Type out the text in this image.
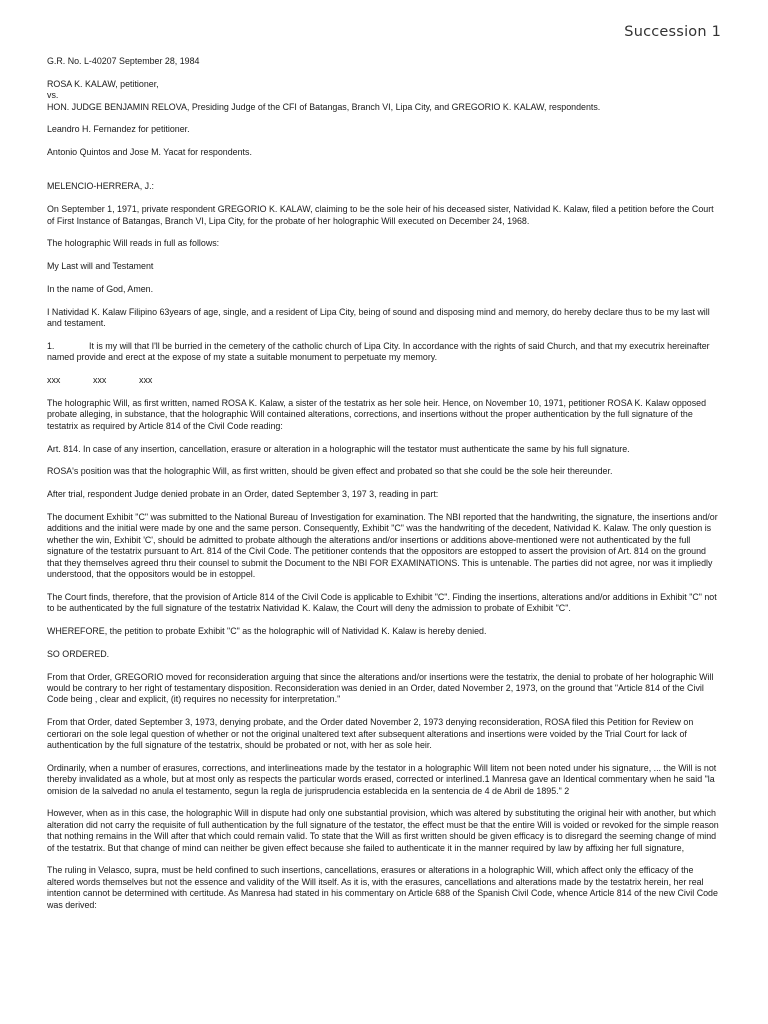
Succession 1

G.R. No. L-40207 September 28, 1984

ROSA K. KALAW, petitioner,

vs.

HON. JUDGE BENJAMIN RELOVA, Presiding Judge of the CFI of Batangas, Branch VI, Lipa City, and GREGORIO K. KALAW, respondents.

Leandro H. Fernandez for petitioner.

Antonio Quintos and Jose M. Yacat for respondents.

MELENCIO-HERRERA, J.:

On September 1, 1971, private respondent GREGORIO K. KALAW, claiming to be the sole heir of his deceased sister, Natividad K. Kalaw, filed a petition before the Court of First Instance of Batangas, Branch VI, Lipa City, for the probate of her holographic Will executed on December 24, 1968.

The holographic Will reads in full as follows:

My Last will and Testament

In the name of God, Amen.

I Natividad K. Kalaw Filipino 63years of age, single, and a resident of Lipa City, being of sound and disposing mind and memory, do hereby declare thus to be my last will and testament.

1.	It is my will that I'll be burried in the cemetery of the catholic church of Lipa City. In accordance with the rights of said Church, and that my executrix hereinafter named provide and erect at the expose of my state a suitable monument to perpetuate my memory.

xxx	xxx	xxx

The holographic Will, as first written, named ROSA K. Kalaw, a sister of the testatrix as her sole heir. Hence, on November 10, 1971, petitioner ROSA K. Kalaw opposed probate alleging, in substance, that the holographic Will contained alterations, corrections, and insertions without the proper authentication by the full signature of the testatrix as required by Article 814 of the Civil Code reading:

Art. 814. In case of any insertion, cancellation, erasure or alteration in a holographic will the testator must authenticate the same by his full signature.

ROSA's position was that the holographic Will, as first written, should be given effect and probated so that she could be the sole heir thereunder.

After trial, respondent Judge denied probate in an Order, dated September 3, 197 3, reading in part:

The document Exhibit "C" was submitted to the National Bureau of Investigation for examination. The NBI reported that the handwriting, the signature, the insertions and/or additions and the initial were made by one and the same person. Consequently, Exhibit "C" was the handwriting of the decedent, Natividad K. Kalaw. The only question is whether the win, Exhibit 'C', should be admitted to probate although the alterations and/or insertions or additions above-mentioned were not authenticated by the full signature of the testatrix pursuant to Art. 814 of the Civil Code. The petitioner contends that the oppositors are estopped to assert the provision of Art. 814 on the ground that they themselves agreed thru their counsel to submit the Document to the NBI FOR EXAMINATIONS. This is untenable. The parties did not agree, nor was it impliedly understood, that the oppositors would be in estoppel.

The Court finds, therefore, that the provision of Article 814 of the Civil Code is applicable to Exhibit "C". Finding the insertions, alterations and/or additions in Exhibit "C" not to be authenticated by the full signature of the testatrix Natividad K. Kalaw, the Court will deny the admission to probate of Exhibit "C".

WHEREFORE, the petition to probate Exhibit "C" as the holographic will of Natividad K. Kalaw is hereby denied.

SO ORDERED.

From that Order, GREGORIO moved for reconsideration arguing that since the alterations and/or insertions were the testatrix, the denial to probate of her holographic Will would be contrary to her right of testamentary disposition. Reconsideration was denied in an Order, dated November 2, 1973, on the ground that "Article 814 of the Civil Code being , clear and explicit, (it) requires no necessity for interpretation."

From that Order, dated September 3, 1973, denying probate, and the Order dated November 2, 1973 denying reconsideration, ROSA filed this Petition for Review on certiorari on the sole legal question of whether or not the original unaltered text after subsequent alterations and insertions were voided by the Trial Court for lack of authentication by the full signature of the testatrix, should be probated or not, with her as sole heir.

Ordinarily, when a number of erasures, corrections, and interlineations made by the testator in a holographic Will litem not been noted under his signature, ... the Will is not thereby invalidated as a whole, but at most only as respects the particular words erased, corrected or interlined.1 Manresa gave an Identical commentary when he said "la omision de la salvedad no anula el testamento, segun la regla de jurisprudencia establecida en la sentencia de 4 de Abril de 1895." 2

However, when as in this case, the holographic Will in dispute had only one substantial provision, which was altered by substituting the original heir with another, but which alteration did not carry the requisite of full authentication by the full signature of the testator, the effect must be that the entire Will is voided or revoked for the simple reason that nothing remains in the Will after that which could remain valid. To state that the Will as first written should be given efficacy is to disregard the seeming change of mind of the testatrix. But that change of mind can neither be given effect because she failed to authenticate it in the manner required by law by affixing her full signature,

The ruling in Velasco, supra, must be held confined to such insertions, cancellations, erasures or alterations in a holographic Will, which affect only the efficacy of the altered words themselves but not the essence and validity of the Will itself. As it is, with the erasures, cancellations and alterations made by the testatrix herein, her real intention cannot be determined with certitude. As Manresa had stated in his commentary on Article 688 of the Spanish Civil Code, whence Article 814 of the new Civil Code was derived:
